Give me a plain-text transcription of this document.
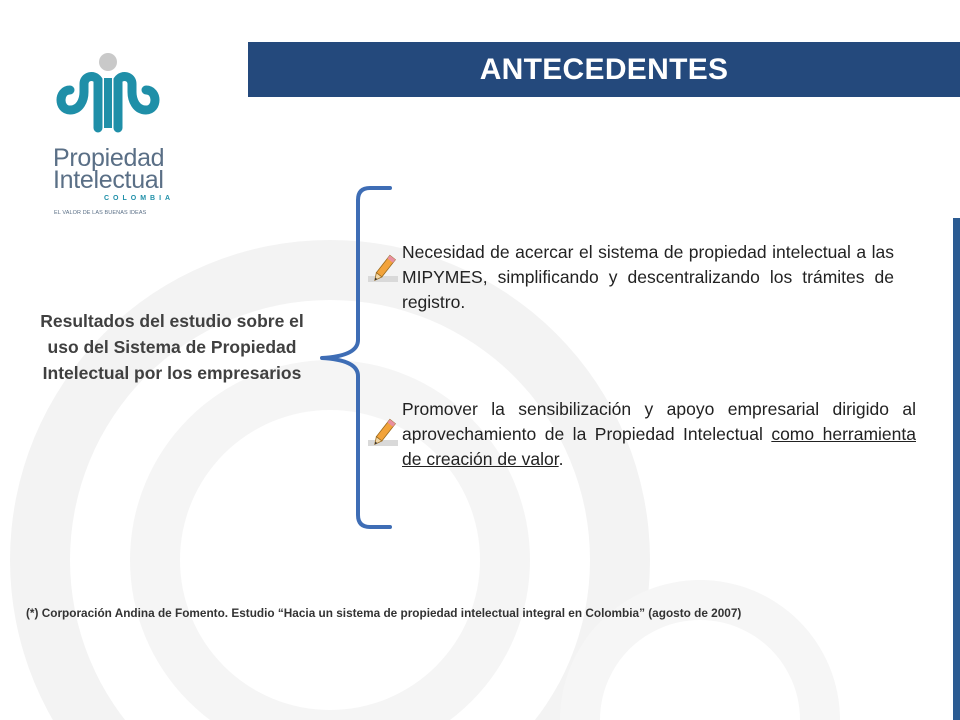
Propiedad
Intelectual
COLOMBIA
EL VALOR DE LAS BUENAS IDEAS
ANTECEDENTES
Resultados del estudio sobre el uso del Sistema de Propiedad Intelectual por los empresarios
Necesidad de acercar el sistema de propiedad intelectual a las MIPYMES, simplificando y descentralizando los trámites de registro.
Promover la sensibilización y apoyo empresarial dirigido al aprovechamiento de la Propiedad Intelectual como herramienta de creación de valor.
(*) Corporación Andina de Fomento. Estudio “Hacia un sistema de propiedad intelectual integral en Colombia” (agosto de 2007)
